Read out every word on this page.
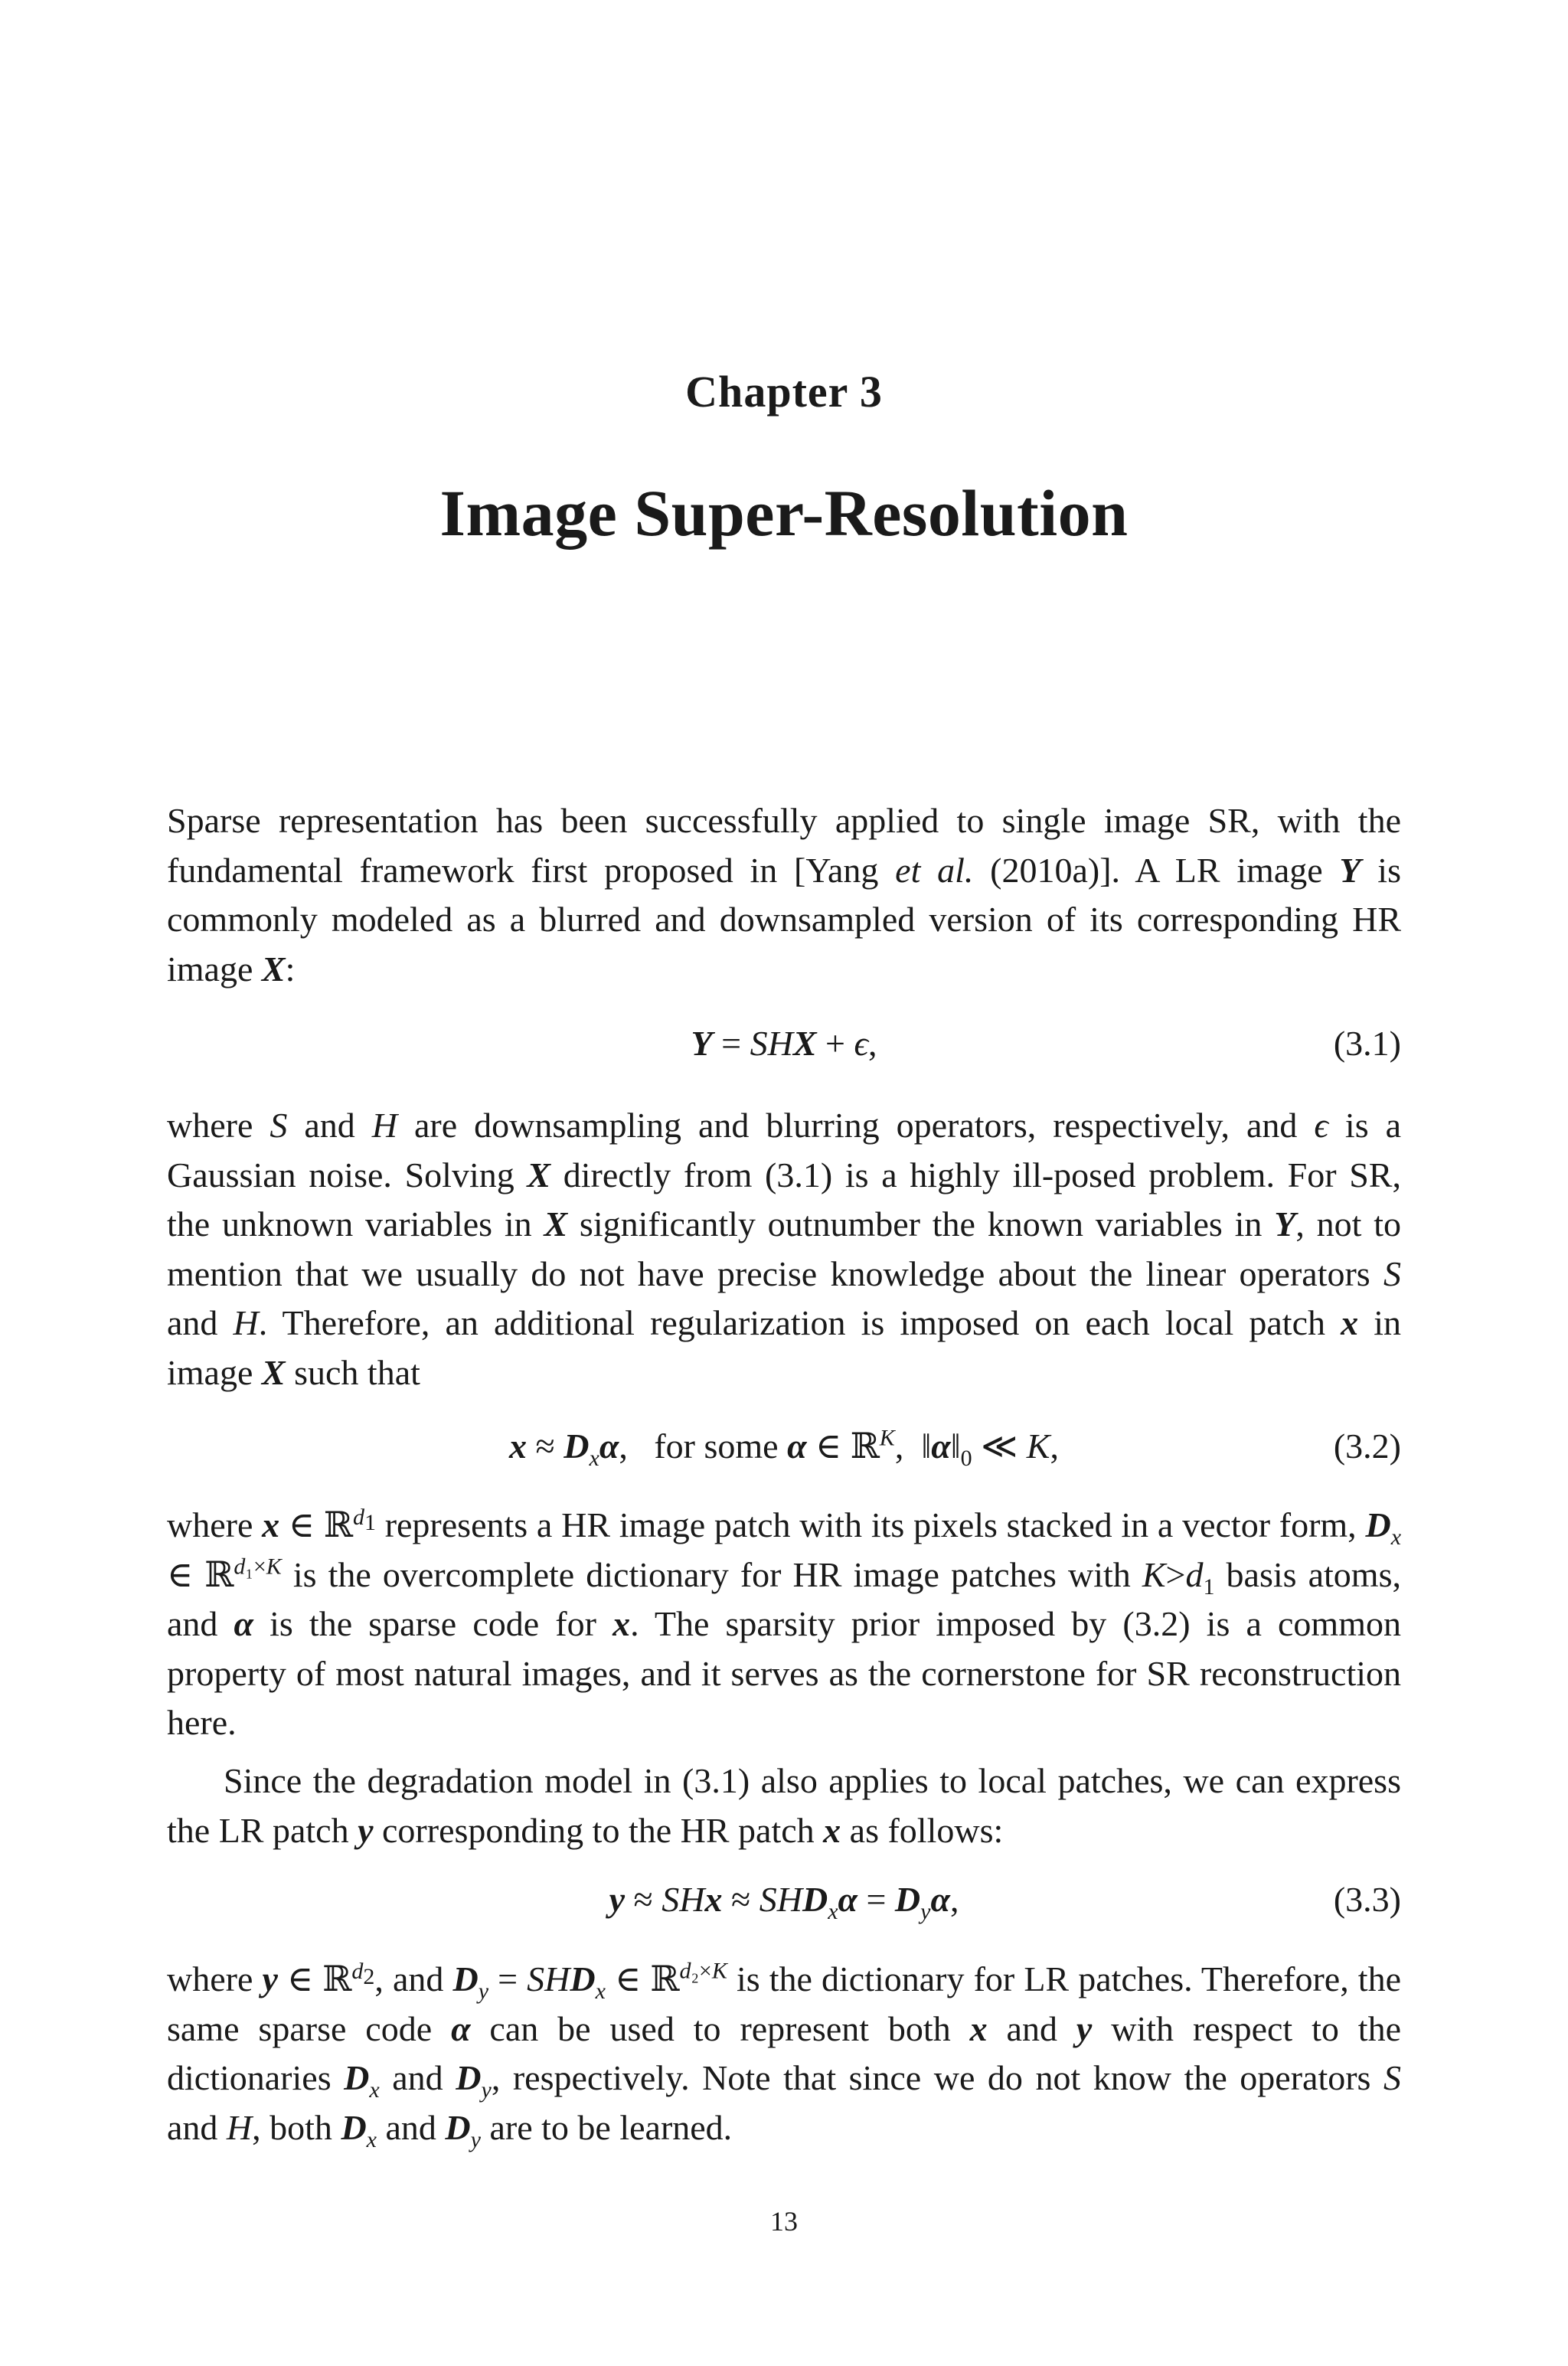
Chapter 3
Image Super-Resolution
Sparse representation has been successfully applied to single image SR, with the fundamental framework first proposed in [Yang et al. (2010a)]. A LR image Y is commonly modeled as a blurred and downsampled version of its corresponding HR image X:
Y = SHX + ϵ,	(3.1)
where S and H are downsampling and blurring operators, respectively, and ϵ is a Gaussian noise. Solving X directly from (3.1) is a highly ill-posed problem. For SR, the unknown variables in X significantly outnumber the known variables in Y, not to mention that we usually do not have precise knowledge about the linear operators S and H. Therefore, an additional regularization is imposed on each local patch x in image X such that
$x \approx D_x\alpha$,   for some α ∈ ℝ$^K$,  $‖\alpha‖_0$ ≪ K,	(3.2)
where x ∈ ℝ$^{d_1}$ represents a HR image patch with its pixels stacked in a vector form, $D_x$ ∈ ℝ$^{d_1\times K}$ is the overcomplete dictionary for HR image patches with $K>d_1$ basis atoms, and α is the sparse code for x. The sparsity prior imposed by (3.2) is a common property of most natural images, and it serves as the cornerstone for SR reconstruction here.
Since the degradation model in (3.1) also applies to local patches, we can express the LR patch y corresponding to the HR patch x as follows:
y ≈ SHx ≈ $SHD_x\alpha = D_y\alpha$,	(3.3)
where y ∈ ℝ$^{d_2}$, and $D_y = SHD_x$ ∈ ℝ$^{d_2\times K}$ is the dictionary for LR patches. Therefore, the same sparse code α can be used to represent both x and y with respect to the dictionaries $D_x$ and $D_y$, respectively. Note that since we do not know the operators S and H, both $D_x$ and $D_y$ are to be learned.
13
